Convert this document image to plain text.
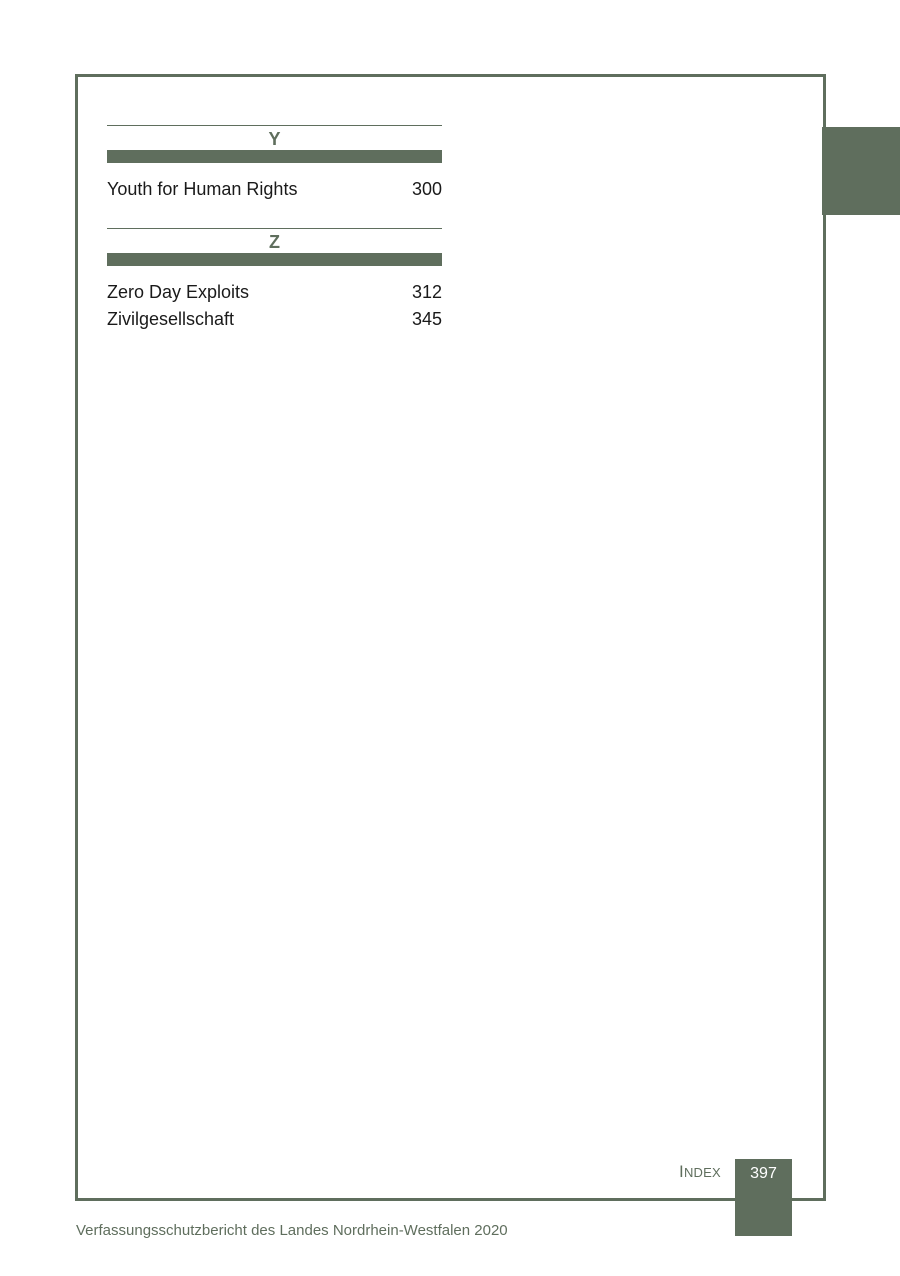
Y
Youth for Human Rights	300
Z
Zero Day Exploits	312
Zivilgesellschaft	345
INDEX	397
Verfassungsschutzbericht des Landes Nordrhein-Westfalen 2020
